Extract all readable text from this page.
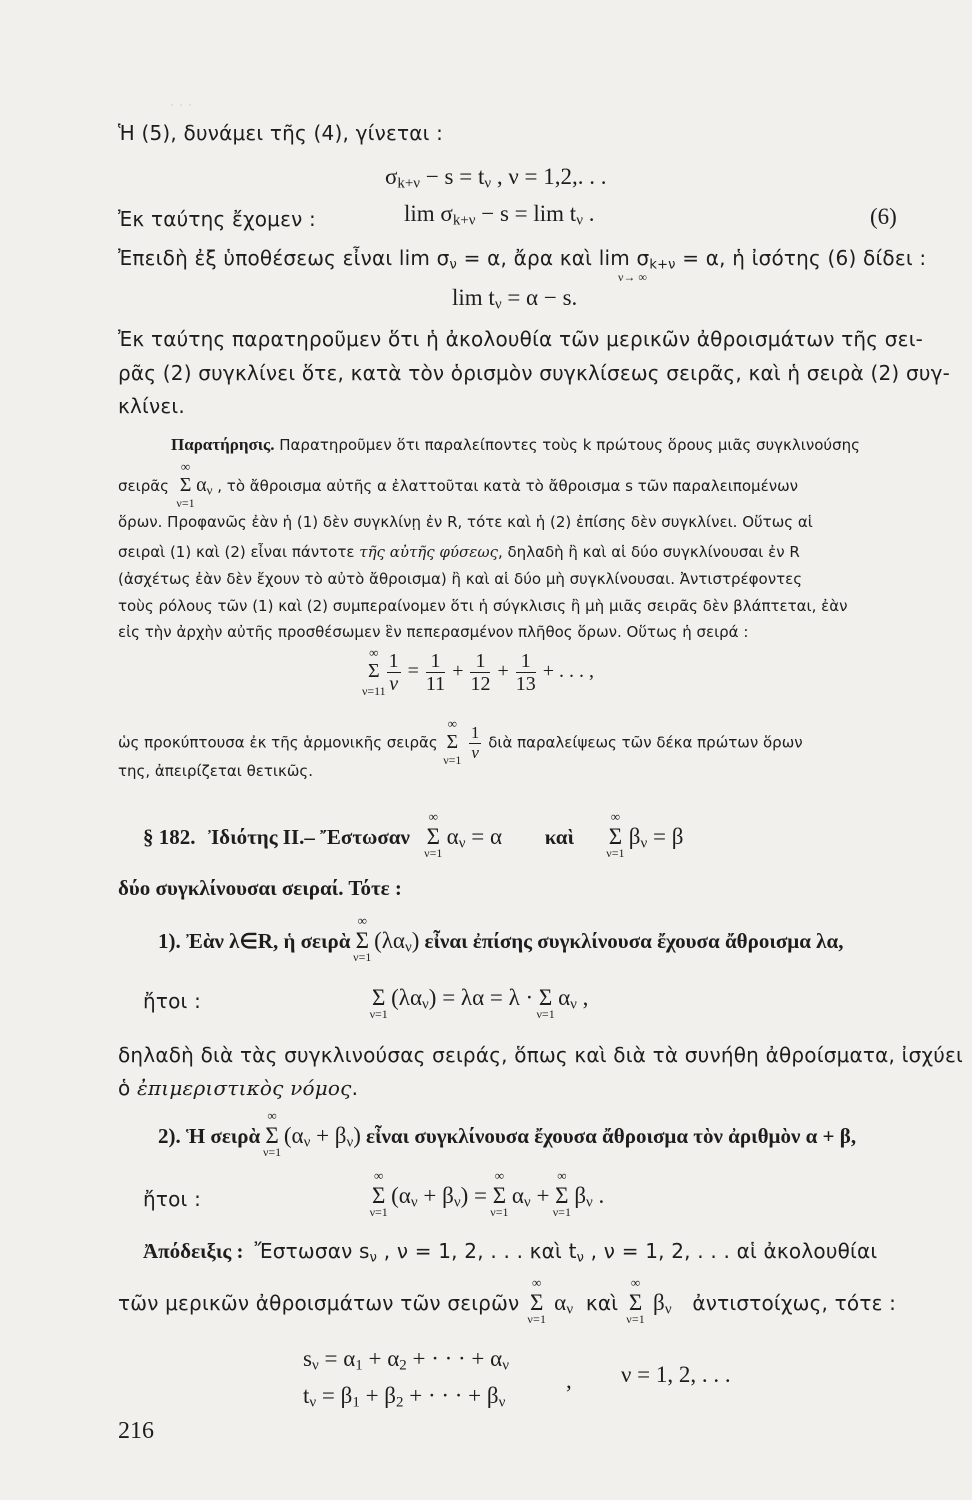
· · ·
Ἡ (5), δυνάμει τῆς (4), γίνεται :
$\sigma_{k+\nu} - s = t_\nu$ , ν = 1,2,. . .
Ἐκ ταύτης ἔχομεν :	$\lim \sigma_{k+\nu} - s = \lim t_\nu$ .	(6)
Ἐπειδὴ ἐξ ὑποθέσεως εἶναι $\lim \sigma_\nu = \alpha$, ἄρα καὶ $\lim \sigma_{k+\nu} = \alpha$, ἡ ἰσότης (6) δίδει :
ν→ ∞
$\lim t_\nu = \alpha - s$.
Ἐκ ταύτης παρατηροῦμεν ὅτι ἡ ἀκολουθία τῶν μερικῶν ἀθροισμάτων τῆς σει-
ρᾶς (2) συγκλίνει ὅτε, κατὰ τὸν ὁρισμὸν συγκλίσεως σειρᾶς, καὶ ἡ σειρὰ (2) συγ-
κλίνει.
Παρατήρησις. Παρατηροῦμεν ὅτι παραλείποντες τοὺς k πρώτους ὅρους μιᾶς συγκλινούσης
σειρᾶς Σ
∞
ν=1
$\alpha_\nu$ , τὸ ἄθροισμα αὐτῆς α ἐλαττοῦται κατὰ τὸ ἄθροισμα s τῶν παραλειπομένων
ὅρων. Προφανῶς ἐὰν ἡ (1) δὲν συγκλίνῃ ἐν R, τότε καὶ ἡ (2) ἐπίσης δὲν συγκλίνει. Οὕτως αἱ
σειραὶ (1) καὶ (2) εἶναι πάντοτε τῆς αὐτῆς φύσεως, δηλαδὴ ἢ καὶ αἱ δύο συγκλίνουσαι ἐν R
(ἀσχέτως ἐὰν δὲν ἔχουν τὸ αὐτὸ ἄθροισμα) ἢ καὶ αἱ δύο μὴ συγκλίνουσαι. Ἀντιστρέφοντες
τοὺς ρόλους τῶν (1) καὶ (2) συμπεραίνομεν ὅτι ἡ σύγκλισις ἢ μὴ μιᾶς σειρᾶς δὲν βλάπτεται, ἐὰν
εἰς τὴν ἀρχὴν αὐτῆς προσθέσωμεν ἓν πεπερασμένον πλῆθος ὅρων. Οὕτως ἡ σειρά :
Σ
∞
ν=11
$\frac{1}{\nu} = \frac{1}{11} + \frac{1}{12} + \frac{1}{13}$ + . . . ,
ὡς προκύπτουσα ἐκ τῆς ἁρμονικῆς σειρᾶς Σ
∞
ν=1
$\frac{1}{\nu}$ διὰ παραλείψεως τῶν δέκα πρώτων ὅρων
της, ἀπειρίζεται θετικῶς.
§ 182. Ἰδιότης II.– Ἔστωσαν Σ
∞
ν=1
$\alpha_\nu = \alpha$ καὶ Σ
∞
ν=1
$\beta_\nu = \beta$
δύο συγκλίνουσαι σειραί. Τότε :
1). Ἐὰν λ∈R, ἡ σειρὰ Σ
∞
ν=1
$(\lambda\alpha_\nu)$ εἶναι ἐπίσης συγκλίνουσα ἔχουσα ἄθροισμα λα,
ἤτοι :	Σ
ν=1
$(\lambda\alpha_\nu) = \lambda\alpha = \lambda \cdot \Sigma$
ν=1
$\alpha_\nu$ ,
δηλαδὴ διὰ τὰς συγκλινούσας σειράς, ὅπως καὶ διὰ τὰ συνήθη ἀθροίσματα, ἰσχύει
ὁ ἐπιμεριστικὸς νόμος.
2). Ἡ σειρὰ Σ
∞
ν=1
$(\alpha_\nu + \beta_\nu)$ εἶναι συγκλίνουσα ἔχουσα ἄθροισμα τὸν ἀριθμὸν α + β,
ἤτοι :	Σ
∞
ν=1
$(\alpha_\nu + \beta_\nu) = \Sigma$
∞
ν=1
$\alpha_\nu + \Sigma$
∞
ν=1
$\beta_\nu$ .
Ἀπόδειξις : Ἔστωσαν $s_\nu$ , ν = 1, 2, . . . καὶ $t_\nu$ , ν = 1, 2, . . . αἱ ἀκολουθίαι
τῶν μερικῶν ἀθροισμάτων τῶν σειρῶν Σ
∞
ν=1
$\alpha_\nu$ καὶ Σ
∞
ν=1
$\beta_\nu$ ἀντιστοίχως, τότε :
$s_\nu = \alpha_1 + \alpha_2$ + · · · + $\alpha_\nu$
$t_\nu = \beta_1 + \beta_2$ + · · · + $\beta_\nu$
, ν = 1, 2, . . .
216
